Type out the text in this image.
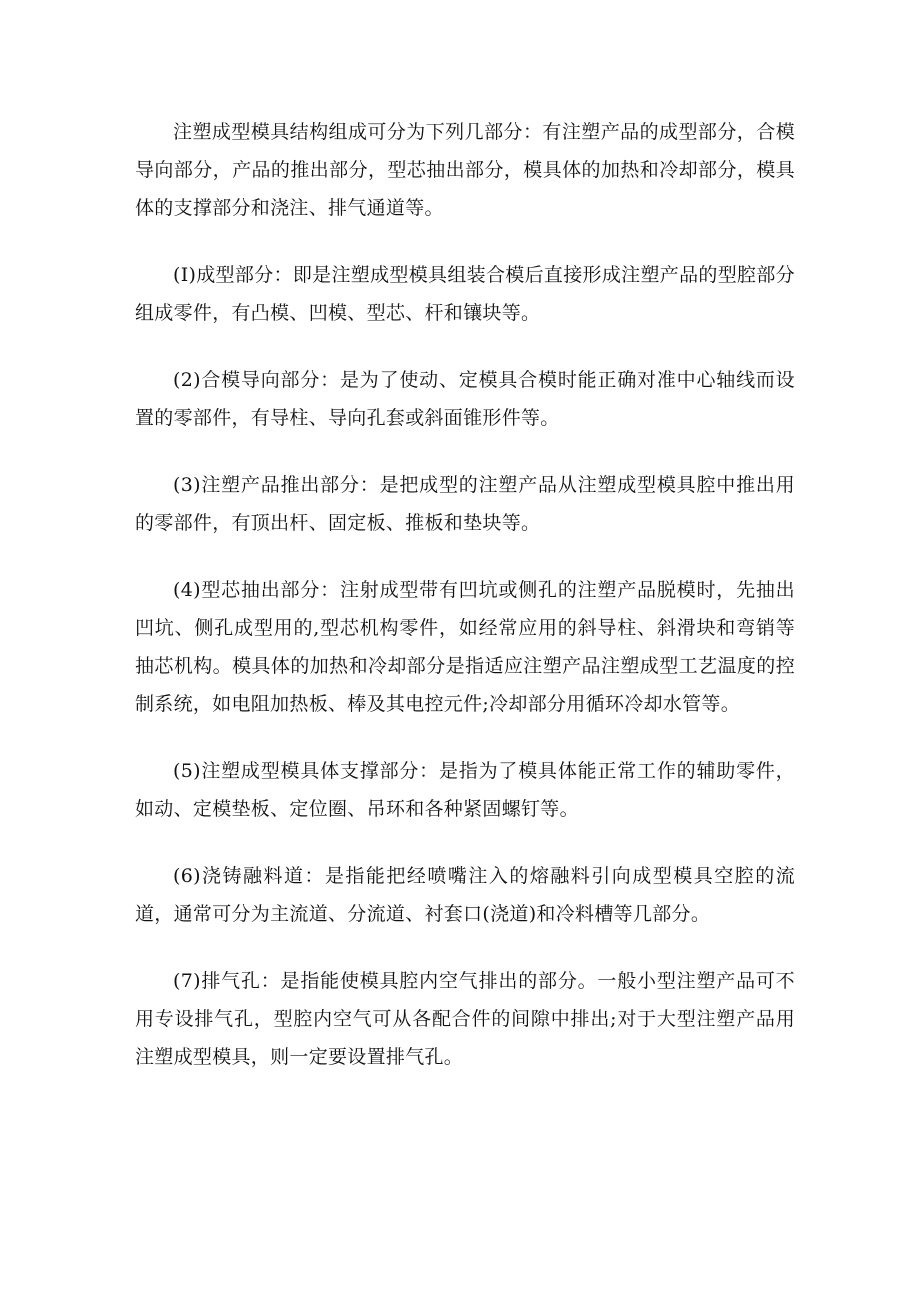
注塑成型模具结构组成可分为下列几部分：有注塑产品的成型部分，合模导向部分，产品的推出部分，型芯抽出部分，模具体的加热和冷却部分，模具体的支撑部分和浇注、排气通道等。

(I)成型部分：即是注塑成型模具组装合模后直接形成注塑产品的型腔部分组成零件，有凸模、凹模、型芯、杆和镶块等。

(2)合模导向部分：是为了使动、定模具合模时能正确对准中心轴线而设置的零部件，有导柱、导向孔套或斜面锥形件等。

(3)注塑产品推出部分：是把成型的注塑产品从注塑成型模具腔中推出用的零部件，有顶出杆、固定板、推板和垫块等。

(4)型芯抽出部分：注射成型带有凹坑或侧孔的注塑产品脱模时，先抽出凹坑、侧孔成型用的,型芯机构零件，如经常应用的斜导柱、斜滑块和弯销等抽芯机构。模具体的加热和冷却部分是指适应注塑产品注塑成型工艺温度的控制系统，如电阻加热板、棒及其电控元件;冷却部分用循环冷却水管等。

(5)注塑成型模具体支撑部分：是指为了模具体能正常工作的辅助零件，如动、定模垫板、定位圈、吊环和各种紧固螺钉等。

(6)浇铸融料道：是指能把经喷嘴注入的熔融料引向成型模具空腔的流道，通常可分为主流道、分流道、衬套口(浇道)和冷料槽等几部分。

(7)排气孔：是指能使模具腔内空气排出的部分。一般小型注塑产品可不用专设排气孔，型腔内空气可从各配合件的间隙中排出;对于大型注塑产品用注塑成型模具，则一定要设置排气孔。
